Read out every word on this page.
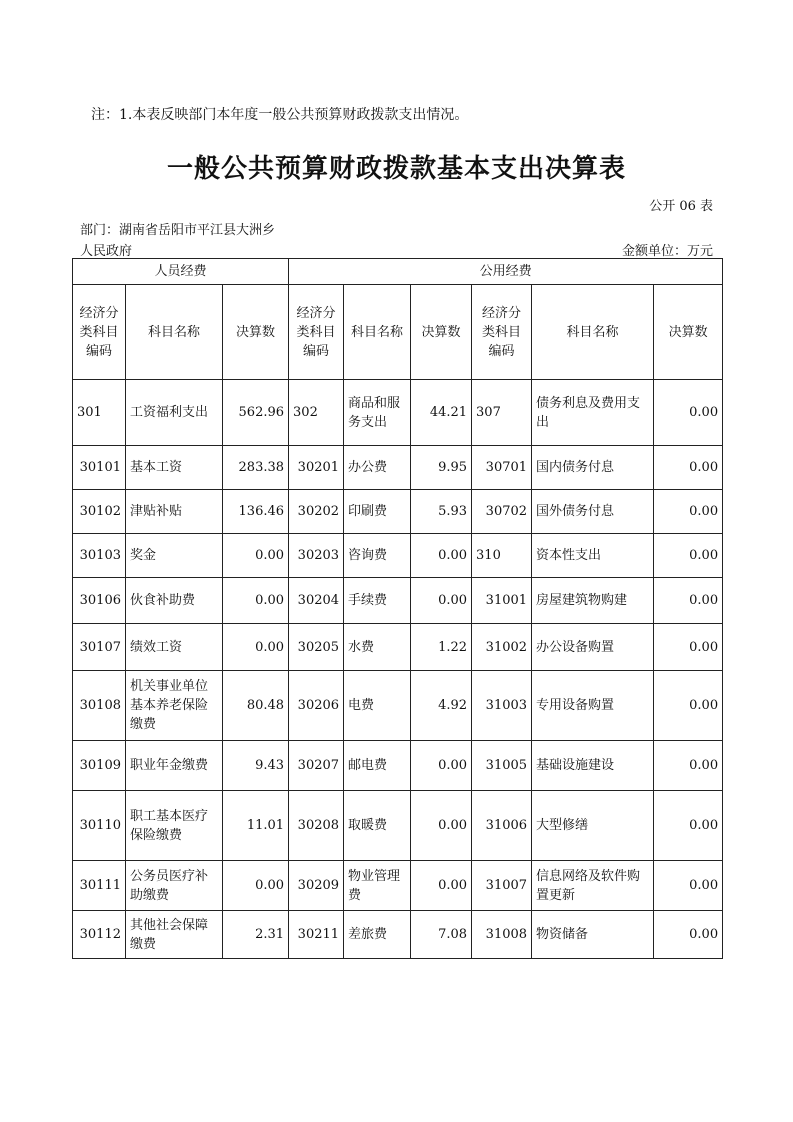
注：1.本表反映部门本年度一般公共预算财政拨款支出情况。
一般公共预算财政拨款基本支出决算表
公开 06 表
部门：湖南省岳阳市平江县大洲乡
人民政府	金额单位：万元
人员经费			公用经费					
经济分类科目编码	科目名称	决算数	经济分类科目编码	科目名称	决算数	经济分类科目编码	科目名称	决算数
301	工资福利支出	562.96	302	商品和服务支出	44.21	307	债务利息及费用支出	0.00
30101	基本工资	283.38	30201	办公费	9.95	30701	国内债务付息	0.00
30102	津贴补贴	136.46	30202	印刷费	5.93	30702	国外债务付息	0.00
30103	奖金	0.00	30203	咨询费	0.00	310	资本性支出	0.00
30106	伙食补助费	0.00	30204	手续费	0.00	31001	房屋建筑物购建	0.00
30107	绩效工资	0.00	30205	水费	1.22	31002	办公设备购置	0.00
30108	机关事业单位基本养老保险缴费	80.48	30206	电费	4.92	31003	专用设备购置	0.00
30109	职业年金缴费	9.43	30207	邮电费	0.00	31005	基础设施建设	0.00
30110	职工基本医疗保险缴费	11.01	30208	取暖费	0.00	31006	大型修缮	0.00
30111	公务员医疗补助缴费	0.00	30209	物业管理费	0.00	31007	信息网络及软件购置更新	0.00
30112	其他社会保障缴费	2.31	30211	差旅费	7.08	31008	物资储备	0.00
